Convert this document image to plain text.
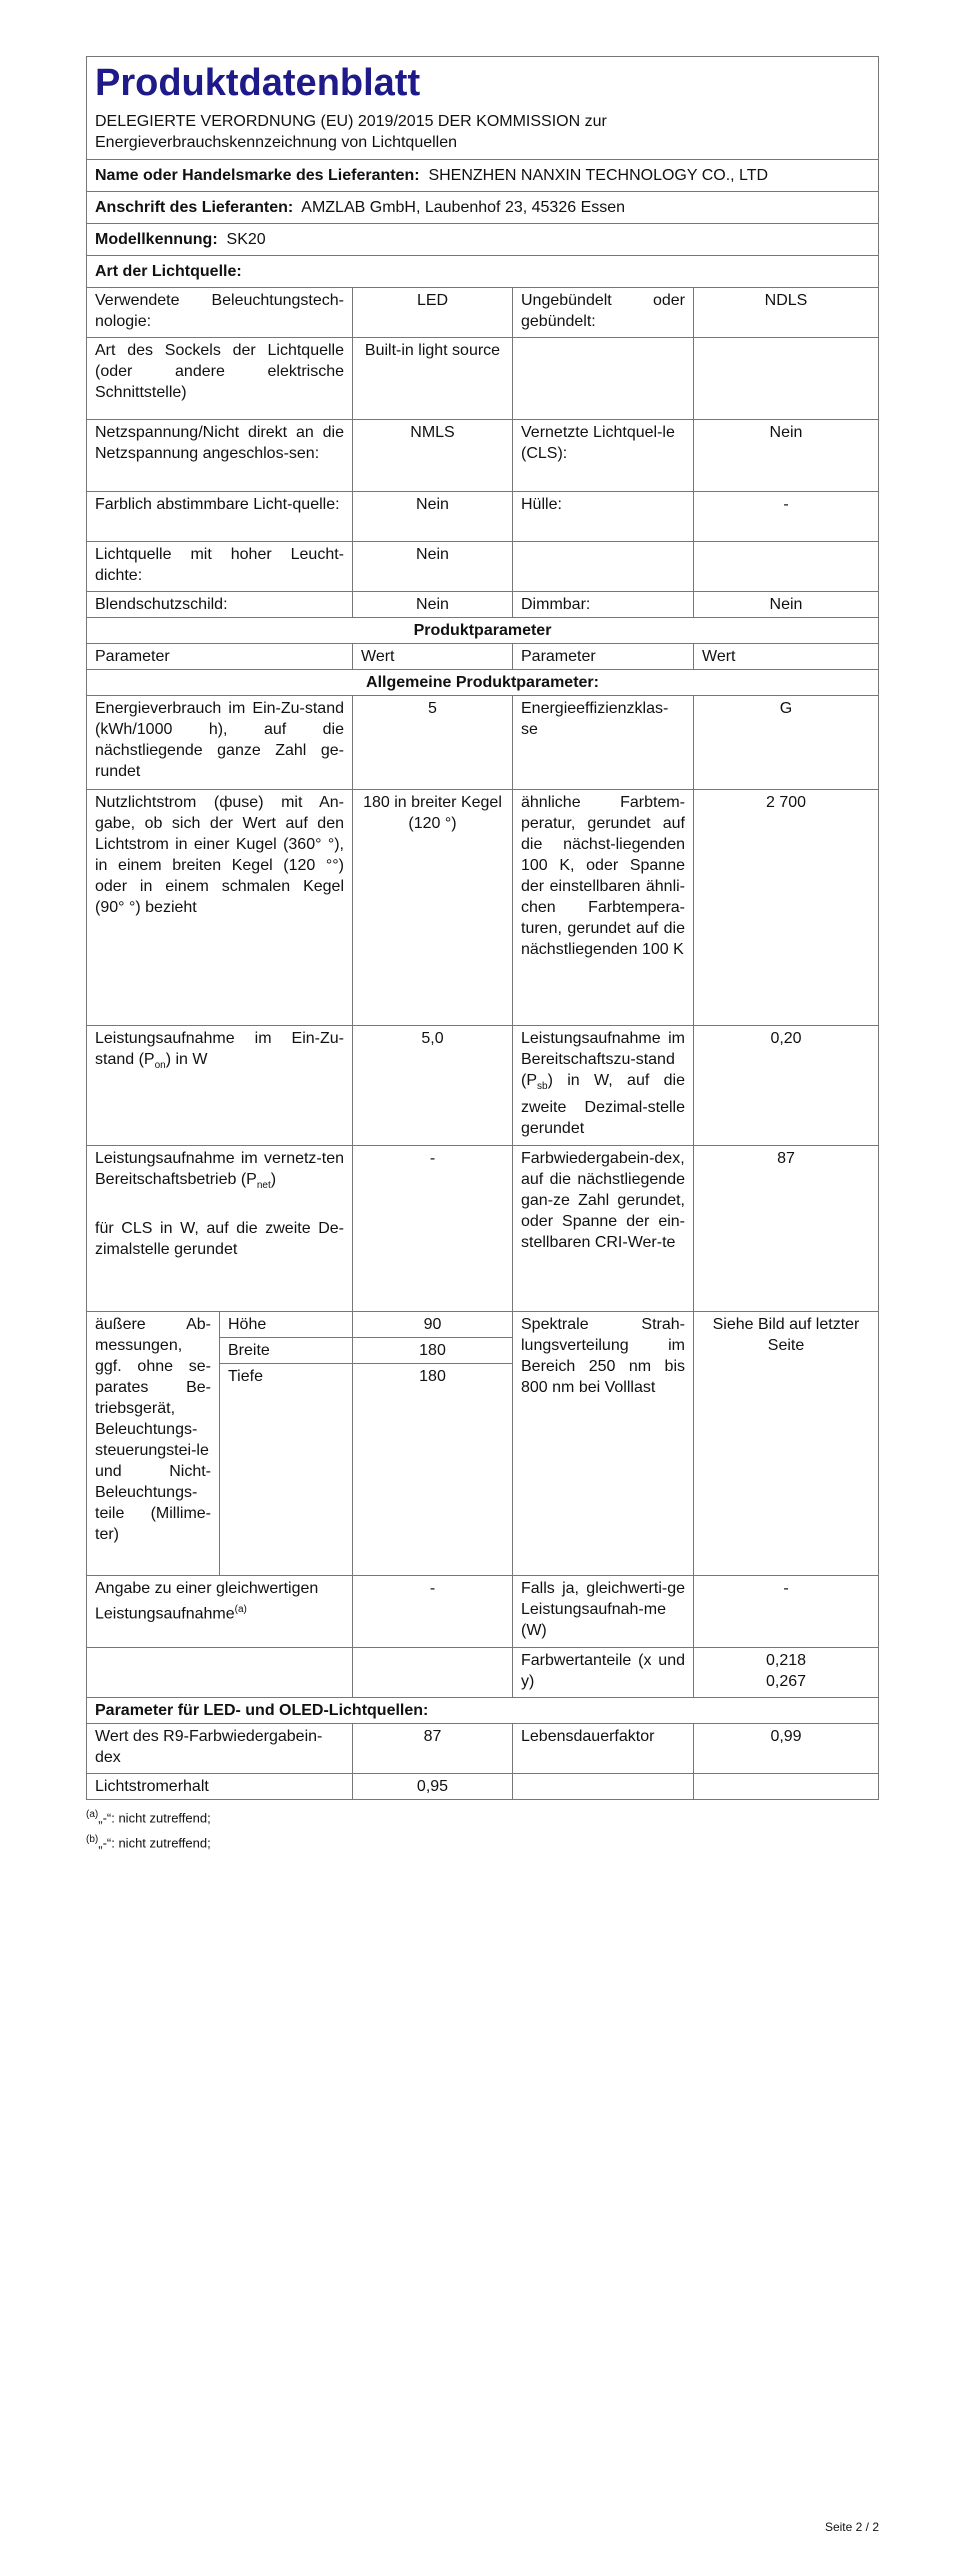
Produktdatenblatt				

DELEGIERTE VERORDNUNG (EU) 2019/2015 DER KOMMISSION zur
Energieverbrauchskennzeichnung von Lichtquellen				

Name oder Handelsmarke des Lieferanten: SHENZHEN NANXIN TECHNOLOGY CO., LTD				
Anschrift des Lieferanten: AMZLAB GmbH, Laubenhof 23, 45326 Essen				
Modellkennung: SK20				
Art der Lichtquelle:				
Verwendete Beleuchtungstech-nologie:		LED	Ungebündelt oder gebündelt:	NDLS
Art des Sockels der Lichtquelle (oder andere elektrische Schnittstelle)		Built-in light source		
Netzspannung/Nicht direkt an die Netzspannung angeschlos-sen:		NMLS	Vernetzte Lichtquel-le (CLS):	Nein
Farblich abstimmbare Licht-quelle:		Nein	Hülle:	-
Lichtquelle mit hoher Leucht-dichte:		Nein		
Blendschutzschild:		Nein	Dimmbar:	Nein
Produktparameter				
Parameter		Wert	Parameter	Wert
Allgemeine Produktparameter:				
Energieverbrauch im Ein-Zu-stand (kWh/1000 h), auf die nächstliegende ganze Zahl ge-rundet		5	Energieeffizienzklas-se	G
Nutzlichtstrom (фuse) mit An-gabe, ob sich der Wert auf den Lichtstrom in einer Kugel (360° °), in einem breiten Kegel (120 °°) oder in einem schmalen Kegel (90° °) bezieht		180 in breiter Kegel (120 °)	ähnliche Farbtem-peratur, gerundet auf die nächst-liegenden 100 K, oder Spanne der einstellbaren ähnli-chen Farbtempera-turen, gerundet auf die nächstliegenden 100 K	2 700
Leistungsaufnahme im Ein-Zu-stand $(P_{on})$ in W		5,0	Leistungsaufnahme im Bereitschaftszu-stand $(P_{sb})$ in W, auf die zweite Dezimal-stelle gerundet	0,20

Leistungsaufnahme im vernetz-ten Bereitschaftsbetrieb $(P_{net})$
für CLS in W, auf die zweite De-zimalstelle gerundet		-	Farbwiedergabein-dex, auf die nächstliegende gan-ze Zahl gerundet, oder Spanne der ein-stellbaren CRI-Wer-te	87
äußere Ab-messungen, ggf. ohne se-parates Be-triebsgerät, Beleuchtungs-steuerungstei-le und Nicht-Beleuchtungs-teile (Millime-ter)	Höhe	90	Spektrale Strah-lungsverteilung im Bereich 250 nm bis 800 nm bei Volllast	Siehe Bild auf letzter Seite
	Breite	180		
	Tiefe	180		

Angabe zu einer gleichwertigen Leistungsaufnahme$^{(a)}$		-	Falls ja, gleichwerti-ge Leistungsaufnah-me (W)	-
			Farbwertanteile (x und y)	0,218
0,267

Parameter für LED- und OLED-Lichtquellen:				
Wert des R9-Farbwiedergabein-dex		87	Lebensdauerfaktor	0,99
Lichtstromerhalt		0,95		
$^{(a)}$„-“: nicht zutreffend;
$^{(b)}$„-“: nicht zutreffend;
Seite 2 / 2
